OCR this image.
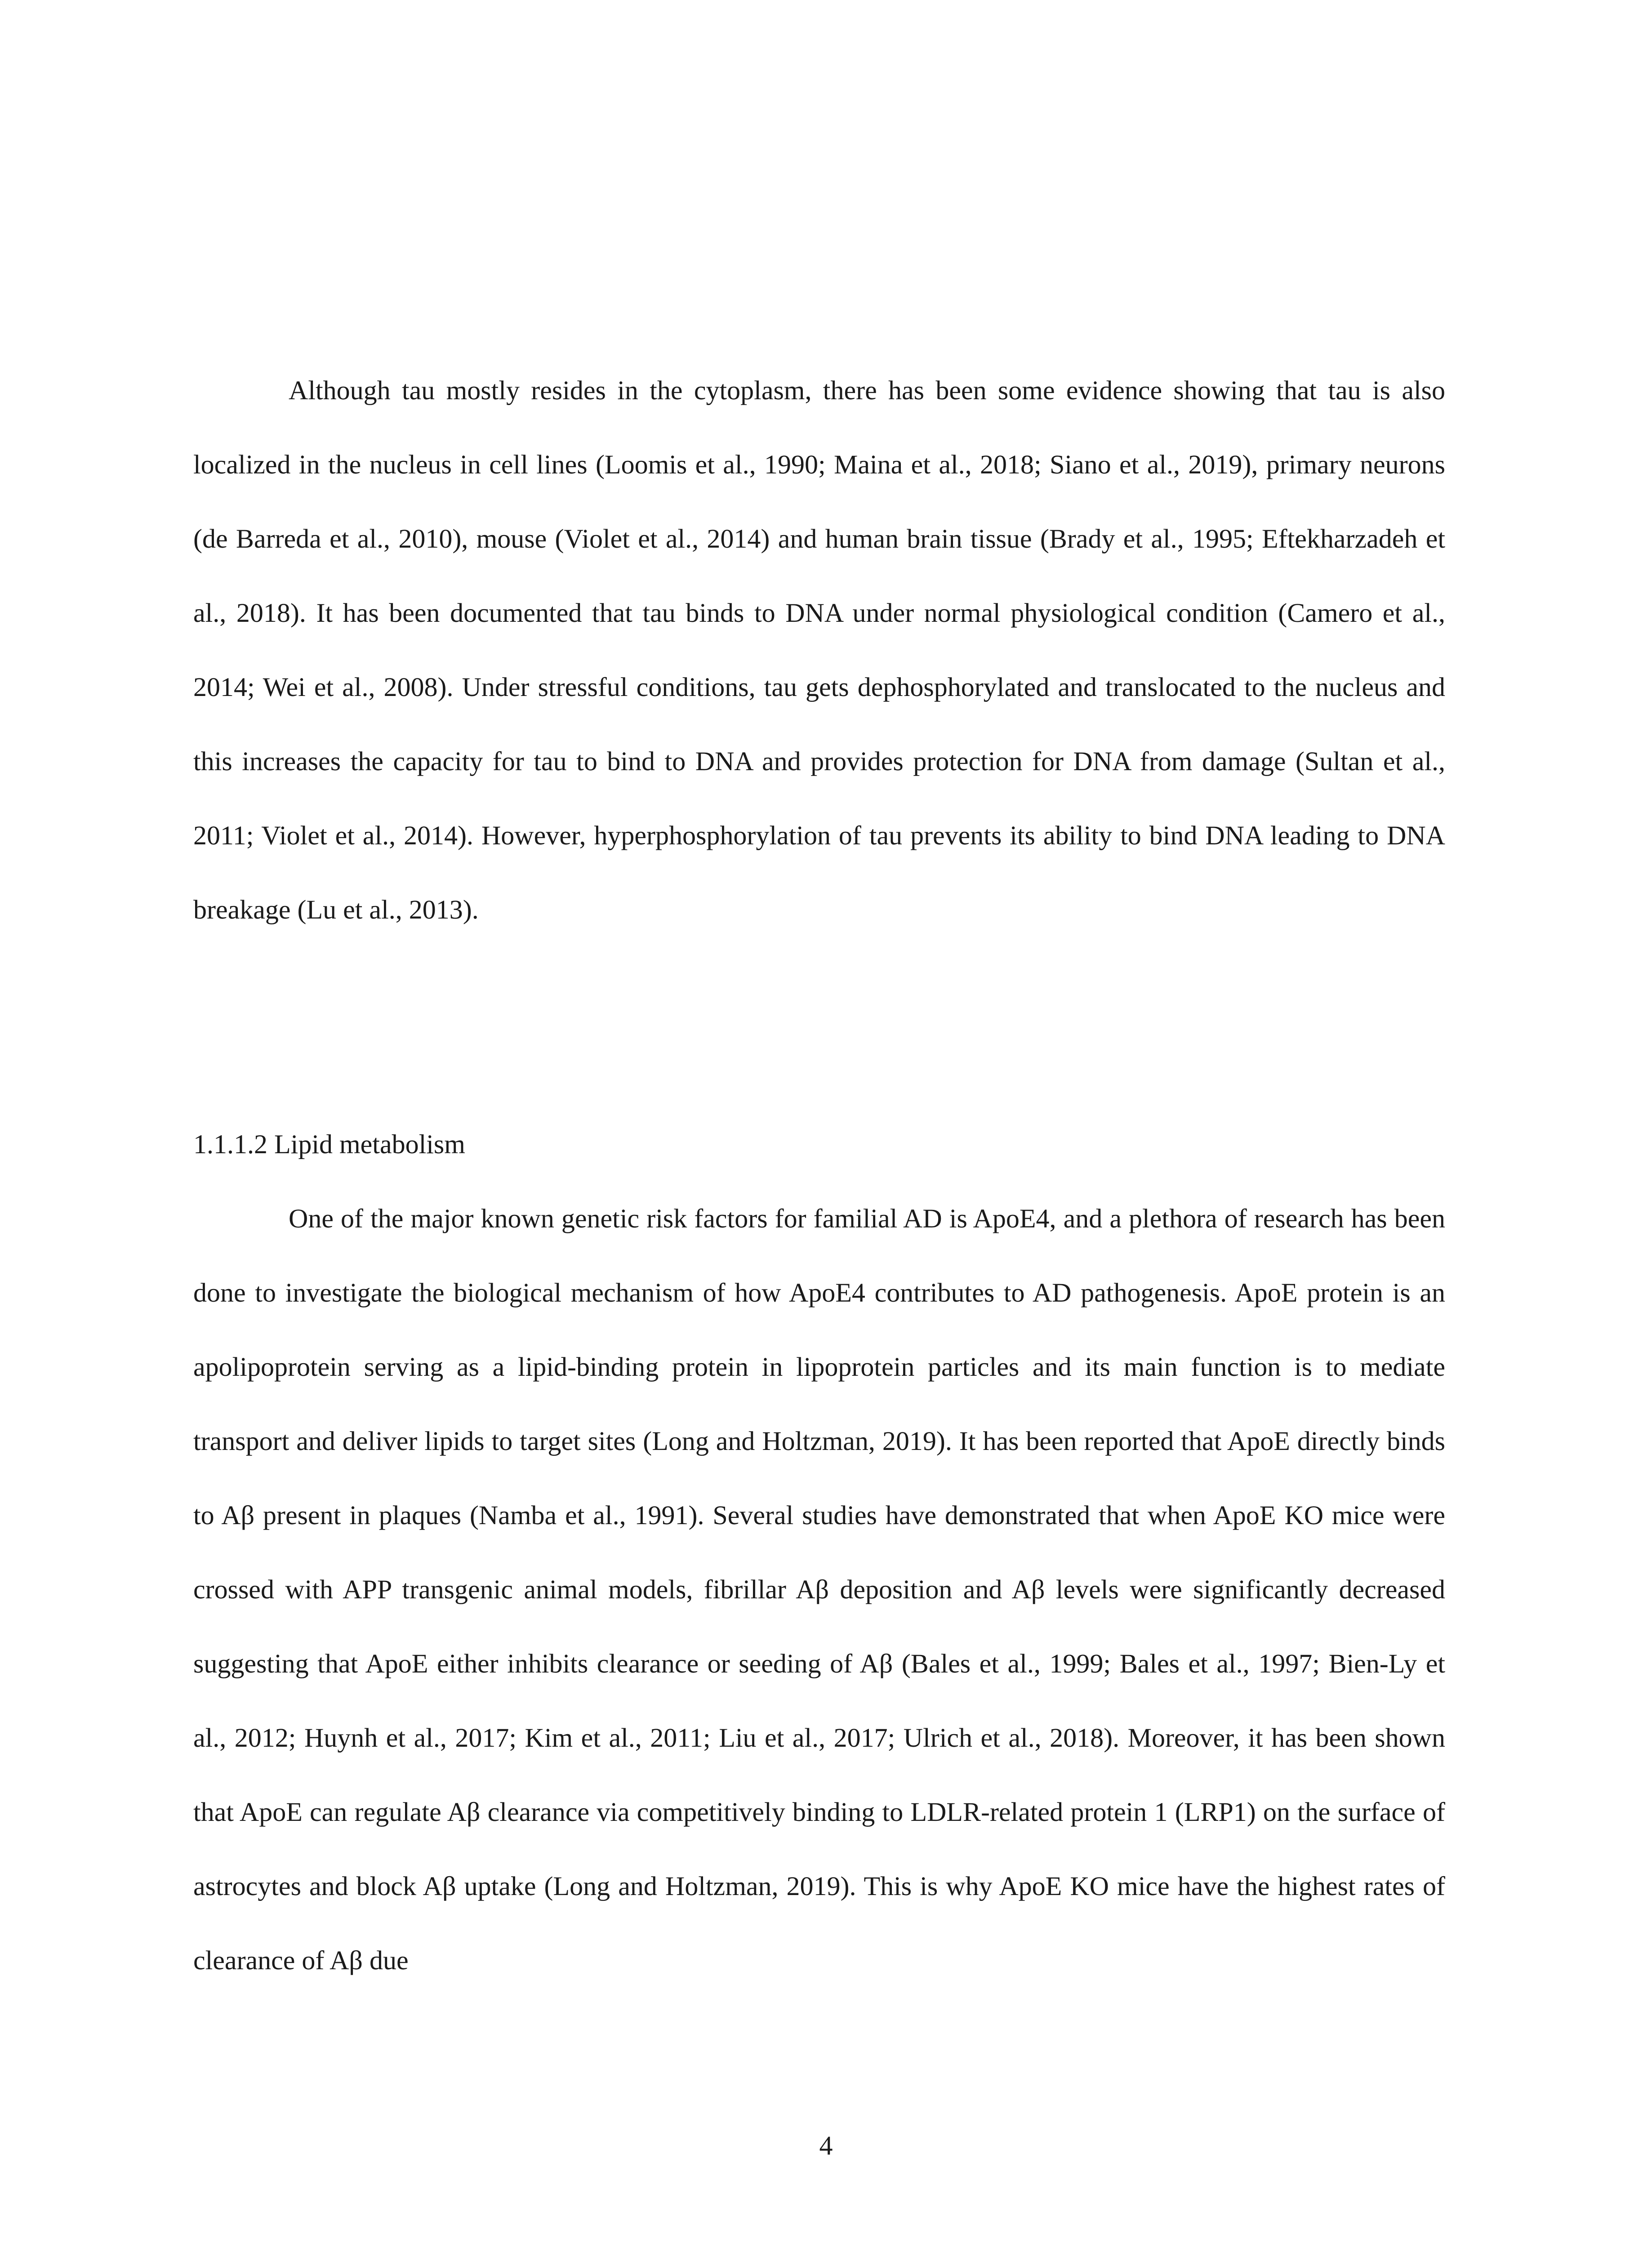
Although tau mostly resides in the cytoplasm, there has been some evidence showing that tau is also localized in the nucleus in cell lines (Loomis et al., 1990; Maina et al., 2018; Siano et al., 2019), primary neurons (de Barreda et al., 2010), mouse (Violet et al., 2014) and human brain tissue (Brady et al., 1995; Eftekharzadeh et al., 2018). It has been documented that tau binds to DNA under normal physiological condition (Camero et al., 2014; Wei et al., 2008). Under stressful conditions, tau gets dephosphorylated and translocated to the nucleus and this increases the capacity for tau to bind to DNA and provides protection for DNA from damage (Sultan et al., 2011; Violet et al., 2014). However, hyperphosphorylation of tau prevents its ability to bind DNA leading to DNA breakage (Lu et al., 2013).

1.1.1.2 Lipid metabolism

One of the major known genetic risk factors for familial AD is ApoE4, and a plethora of research has been done to investigate the biological mechanism of how ApoE4 contributes to AD pathogenesis. ApoE protein is an apolipoprotein serving as a lipid-binding protein in lipoprotein particles and its main function is to mediate transport and deliver lipids to target sites (Long and Holtzman, 2019). It has been reported that ApoE directly binds to Aβ present in plaques (Namba et al., 1991). Several studies have demonstrated that when ApoE KO mice were crossed with APP transgenic animal models, fibrillar Aβ deposition and Aβ levels were significantly decreased suggesting that ApoE either inhibits clearance or seeding of Aβ (Bales et al., 1999; Bales et al., 1997; Bien-Ly et al., 2012; Huynh et al., 2017; Kim et al., 2011; Liu et al., 2017; Ulrich et al., 2018). Moreover, it has been shown that ApoE can regulate Aβ clearance via competitively binding to LDLR-related protein 1 (LRP1) on the surface of astrocytes and block Aβ uptake (Long and Holtzman, 2019). This is why ApoE KO mice have the highest rates of clearance of Aβ due

4
